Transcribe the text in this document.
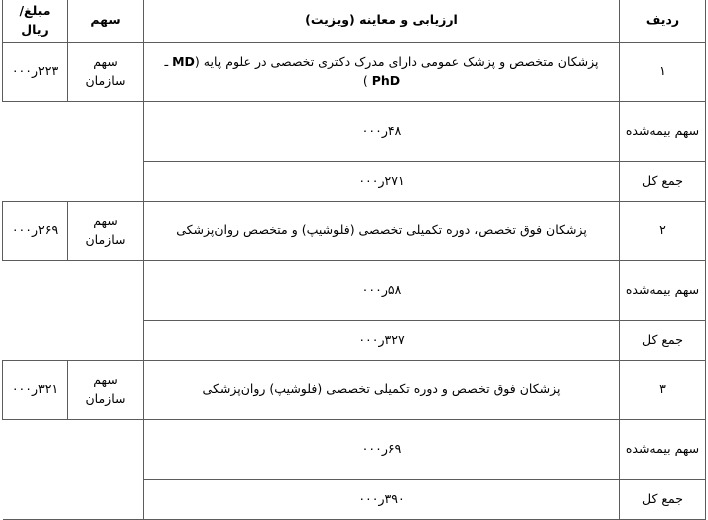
ردیف	ارزیابی و معاینه (ویزیت)	سهم	مبلغ/ ریال
۱	پزشکان متخصص و پزشک عمومی دارای مدرک دکتری تخصصی در علوم پایه (MD ـ PhD )	سهم سازمان	۲۲۳ر۰۰۰
سهم بیمه‌شده	۴۸ر۰۰۰		
جمع کل	۲۷۱ر۰۰۰		
۲	پزشکان فوق تخصص، دوره تکمیلی تخصصی (فلوشیپ) و متخصص روان‌پزشکی	سهم سازمان	۲۶۹ر۰۰۰
سهم بیمه‌شده	۵۸ر۰۰۰		
جمع کل	۳۲۷ر۰۰۰		
۳	پزشکان فوق تخصص و دوره تکمیلی تخصصی (فلوشیپ) روان‌پزشکی	سهم سازمان	۳۲۱ر۰۰۰
سهم بیمه‌شده	۶۹ر۰۰۰		
جمع کل	۳۹۰ر۰۰۰		
